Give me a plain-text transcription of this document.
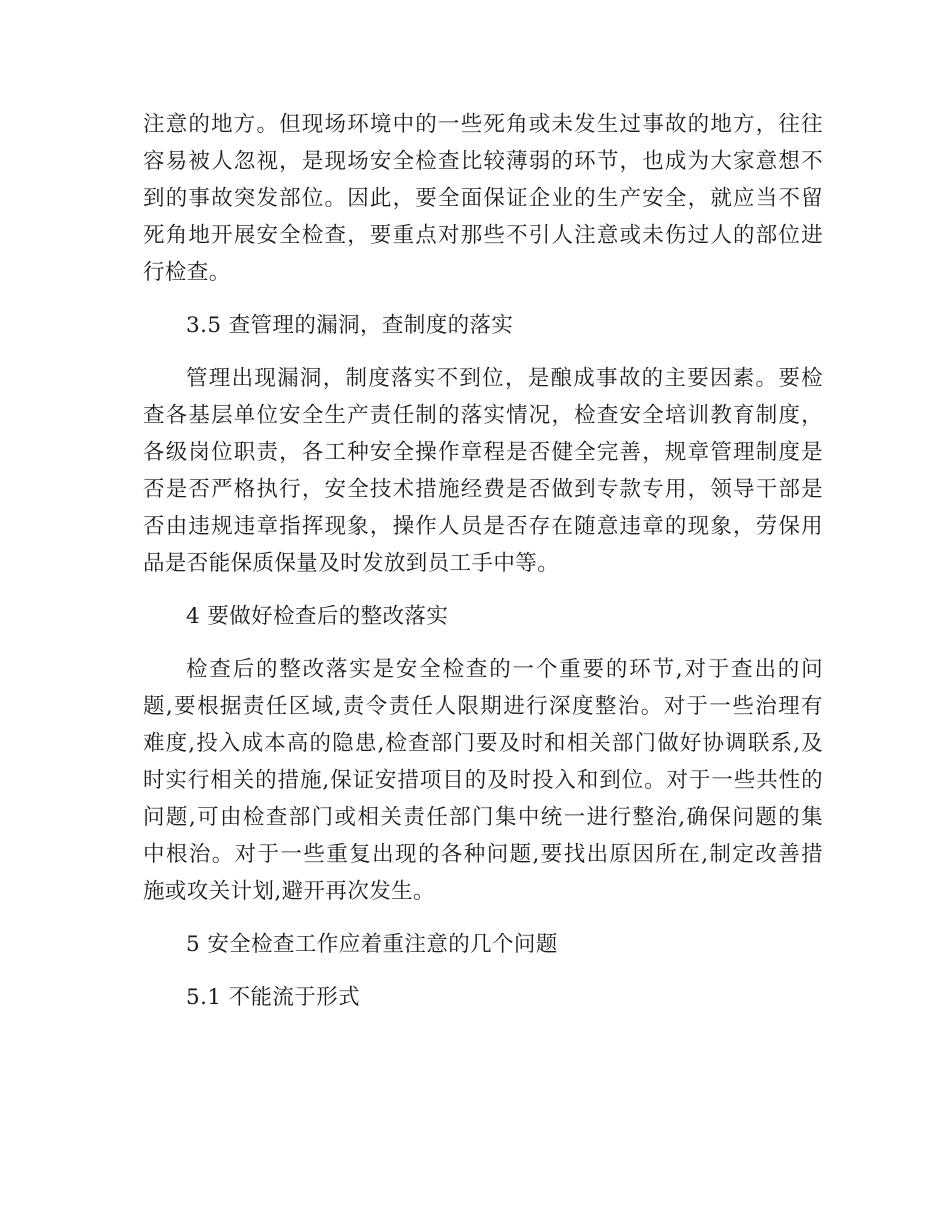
注意的地方。但现场环境中的一些死角或未发生过事故的地方，往往
容易被人忽视，是现场安全检查比较薄弱的环节，也成为大家意想不
到的事故突发部位。因此，要全面保证企业的生产安全，就应当不留
死角地开展安全检查，要重点对那些不引人注意或未伤过人的部位进
行检查。
3.5 查管理的漏洞，查制度的落实
管理出现漏洞，制度落实不到位，是酿成事故的主要因素。要检
查各基层单位安全生产责任制的落实情况，检查安全培训教育制度，
各级岗位职责，各工种安全操作章程是否健全完善，规章管理制度是
否是否严格执行，安全技术措施经费是否做到专款专用，领导干部是
否由违规违章指挥现象，操作人员是否存在随意违章的现象，劳保用
品是否能保质保量及时发放到员工手中等。
4 要做好检查后的整改落实
检查后的整改落实是安全检查的一个重要的环节,对于查出的问
题,要根据责任区域,责令责任人限期进行深度整治。对于一些治理有
难度,投入成本高的隐患,检查部门要及时和相关部门做好协调联系,及
时实行相关的措施,保证安措项目的及时投入和到位。对于一些共性的
问题,可由检查部门或相关责任部门集中统一进行整治,确保问题的集
中根治。对于一些重复出现的各种问题,要找出原因所在,制定改善措
施或攻关计划,避开再次发生。
5 安全检查工作应着重注意的几个问题
5.1 不能流于形式
